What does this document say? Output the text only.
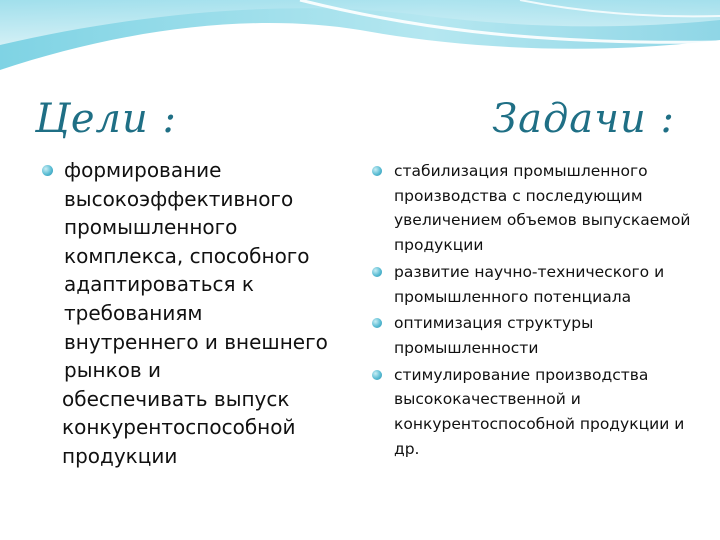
Цели :	Задачи :
формирование высокоэффективного промышленного комплекса, способного адаптироваться к требованиям внутреннего и внешнего рынков и
обеспечивать выпуск конкурентоспособной продукции
стабилизация промышленного производства с последующим увеличением объемов выпускаемой продукции
развитие научно-технического и промышленного потенциала
оптимизация структуры промышленности
стимулирование производства высококачественной и конкурентоспособной продукции и др.
